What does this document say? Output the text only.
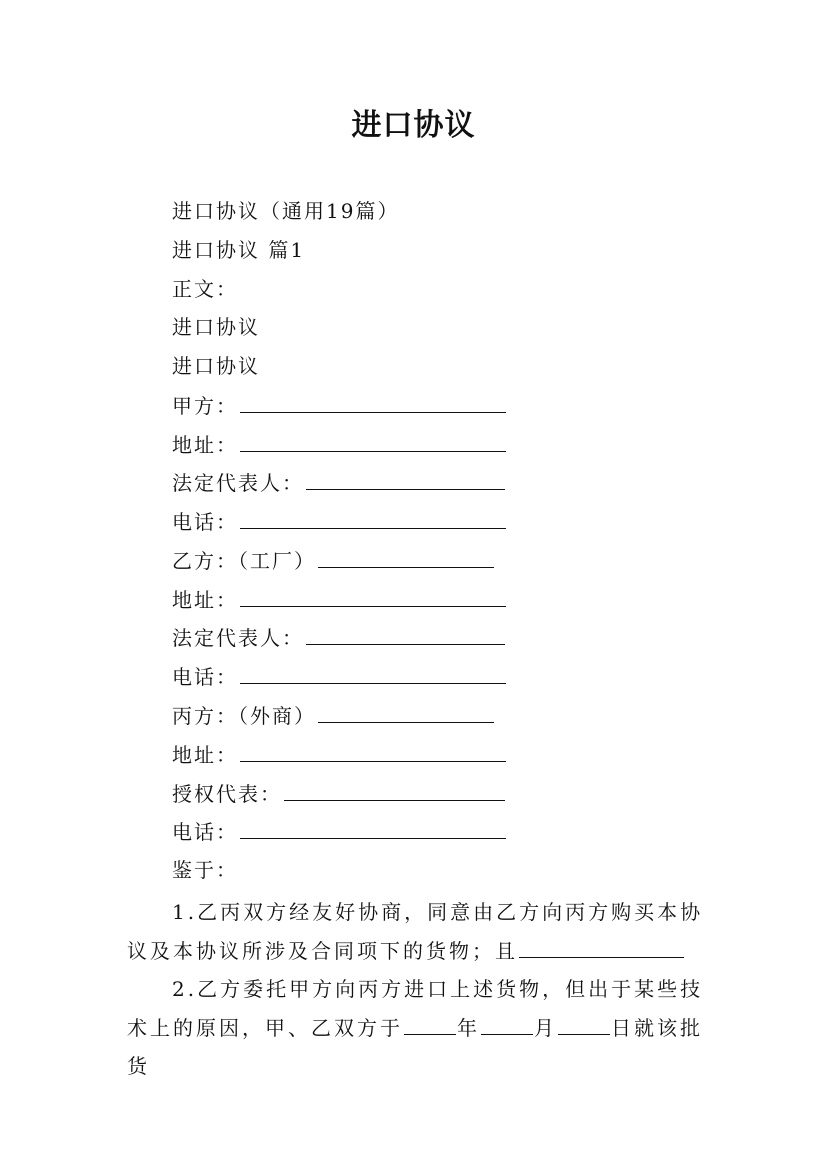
进口协议
进口协议（通用19篇）
进口协议 篇1
正文：
进口协议
进口协议
甲方：
地址：
法定代表人：
电话：
乙方：（工厂）
地址：
法定代表人：
电话：
丙方：（外商）
地址：
授权代表：
电话：
鉴于：
1.乙丙双方经友好协商，同意由乙方向丙方购买本协议及本协议所涉及合同项下的货物；且
2.乙方委托甲方向丙方进口上述货物，但出于某些技术上的原因，甲、乙双方于	年	月	日就该批货
